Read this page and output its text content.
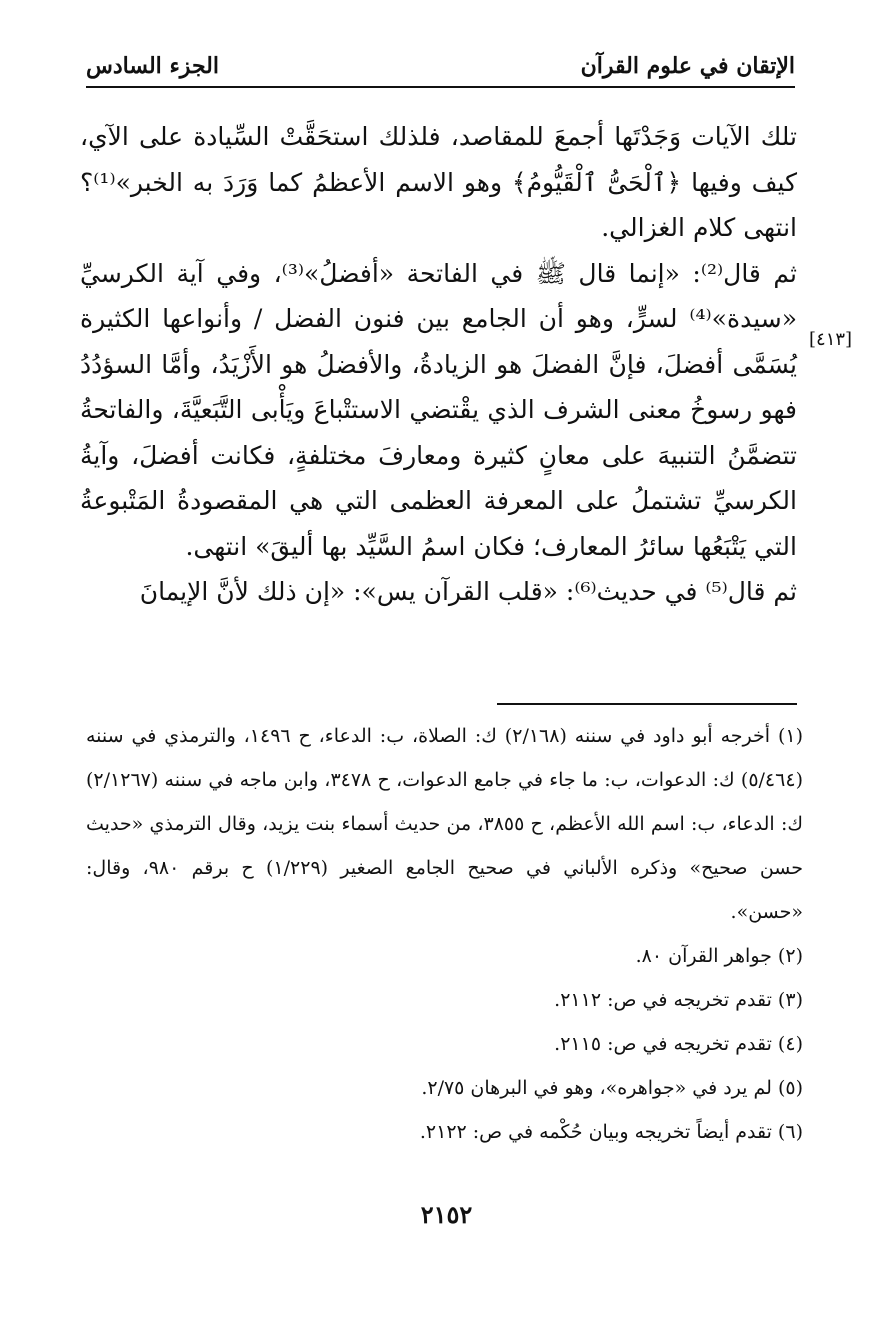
الإتقان في علوم القرآن
الجزء السادس

تلك الآيات وَجَدْتَها أجمعَ للمقاصد، فلذلك استحَقَّتْ السِّيادة على الآي، كيف وفيها ﴿ٱلْحَىُّ ٱلْقَيُّومُ﴾ وهو الاسم الأعظمُ كما وَرَدَ به الخبر»⁽¹⁾؟ انتهى كلام الغزالي.

ثم قال⁽²⁾: «إنما قال ﷺ في الفاتحة «أفضلُ»⁽³⁾، وفي آية الكرسيِّ «سيدة»⁽⁴⁾ لسرٍّ، وهو أن الجامع بين فنون الفضل / وأنواعها الكثيرة يُسَمَّى أفضلَ، فإنَّ الفضلَ هو الزيادةُ، والأفضلُ هو الأَزْيَدُ، وأمَّا السؤدُدُ فهو رسوخُ معنى الشرف الذي يقْتضي الاستتْباعَ ويَأْبى التَّبَعيَّةَ، والفاتحةُ تتضمَّنُ التنبيهَ على معانٍ كثيرة ومعارفَ مختلفةٍ، فكانت أفضلَ، وآيةُ الكرسيِّ تشتملُ على المعرفة العظمى التي هي المقصودةُ المَتْبوعةُ التي يَتْبَعُها سائرُ المعارف؛ فكان اسمُ السَّيِّد بها أليقَ» انتهى.

ثم قال⁽⁵⁾ في حديث⁽⁶⁾: «قلب القرآن يس»: «إن ذلك لأنَّ الإيمانَ

[٤١٣]

(١) أخرجه أبو داود في سننه (٢/١٦٨) ك: الصلاة، ب: الدعاء، ح ١٤٩٦، والترمذي في سننه (٥/٤٦٤) ك: الدعوات، ب: ما جاء في جامع الدعوات، ح ٣٤٧٨، وابن ماجه في سننه (٢/١٢٦٧) ك: الدعاء، ب: اسم الله الأعظم، ح ٣٨٥٥، من حديث أسماء بنت يزيد، وقال الترمذي «حديث حسن صحيح» وذكره الألباني في صحيح الجامع الصغير (١/٢٢٩) ح برقم ٩٨٠، وقال: «حسن».

(٢) جواهر القرآن ٨٠.

(٣) تقدم تخريجه في ص: ٢١١٢.

(٤) تقدم تخريجه في ص: ٢١١٥.

(٥) لم يرد في «جواهره»، وهو في البرهان ٢/٧٥.

(٦) تقدم أيضاً تخريجه وبيان حُكْمه في ص: ٢١٢٢.

٢١٥٢
